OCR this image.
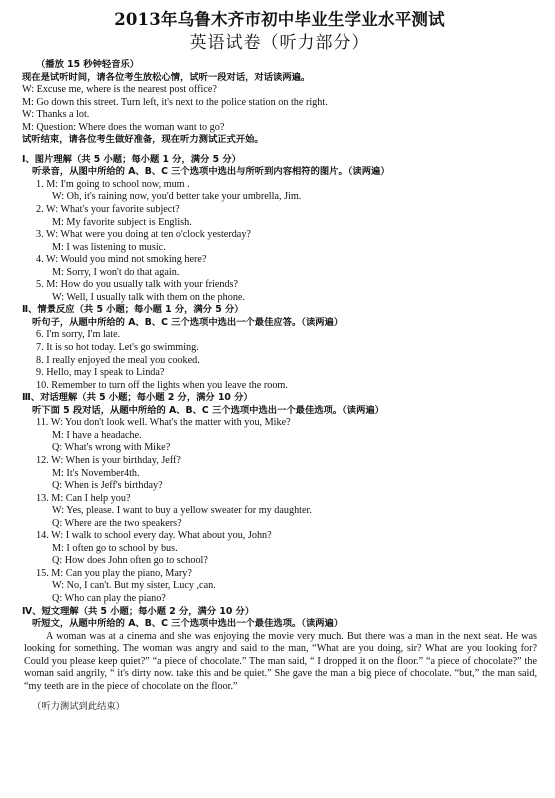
2013年乌鲁木齐市初中毕业生学业水平测试
英语试卷（听力部分）
（播放 15 秒钟轻音乐）
现在是试听时间，请各位考生放松心情，试听一段对话，对话读两遍。
W: Excuse me, where is the nearest post office?
M: Go down this street. Turn left, it's next to the police station on the right.
W: Thanks a lot.
M: Question: Where does the woman want to go?
试听结束，请各位考生做好准备，现在听力测试正式开始。
Ⅰ、图片理解（共 5 小题；每小题 1 分，满分 5 分）
听录音，从图中所给的 A、B、C 三个选项中选出与所听到内容相符的图片。（读两遍）
1. M: I'm going to school now, mum .
W: Oh, it's raining now, you'd better take your umbrella, Jim.
2. W: What's your favorite subject?
M: My favorite subject is English.
3. W: What were you doing at ten o'clock yesterday?
M: I was listening to music.
4. W: Would you mind not smoking here?
M: Sorry, I won't do that again.
5. M: How do you usually talk with your friends?
W: Well, I usually talk with them on the phone.
Ⅱ、情景反应（共 5 小题；每小题 1 分，满分 5 分）
听句子，从题中所给的 A、B、C 三个选项中选出一个最佳应答。（读两遍）
6. I'm sorry, I'm late.
7. It is so hot today. Let's go swimming.
8. I really enjoyed the meal you cooked.
9. Hello, may I speak to Linda?
10. Remember to turn off the lights when you leave the room.
Ⅲ、对话理解（共 5 小题；每小题 2 分，满分 10 分）
听下面 5 段对话，从题中所给的 A、B、C 三个选项中选出一个最佳选项。（读两遍）
11. W: You don't look well. What's the matter with you, Mike?
M: I have a headache.
Q: What's wrong with Mike?
12. W: When is your birthday, Jeff?
M: It's November4th.
Q: When is Jeff's birthday?
13. M: Can I help you?
W: Yes, please. I want to buy a yellow sweater for my daughter.
Q: Where are the two speakers?
14. W: I walk to school every day. What about you, John?
M: I often go to school by bus.
Q: How does John often go to school?
15. M: Can you play the piano, Mary?
W: No, I can't. But my sister, Lucy ,can.
Q: Who can play the piano?
Ⅳ、短文理解（共 5 小题；每小题 2 分，满分 10 分）
听短文，从题中所给的 A、B、C 三个选项中选出一个最佳选项。（读两遍）
A woman was at a cinema and she was enjoying the movie very much. But there was a man in the next seat. He was looking for something. The woman was angry and said to the man, “What are you doing, sir? What are you looking for? Could you please keep quiet?” “a piece of chocolate.” The man said, “ I dropped it on the floor.” “a piece of chocolate?” the woman said angrily, “ it's dirty now. take this and be quiet.” She gave the man a big piece of chocolate. “but,” the man said, “my teeth are in the piece of chocolate on the floor.”
（听力测试到此结束）
